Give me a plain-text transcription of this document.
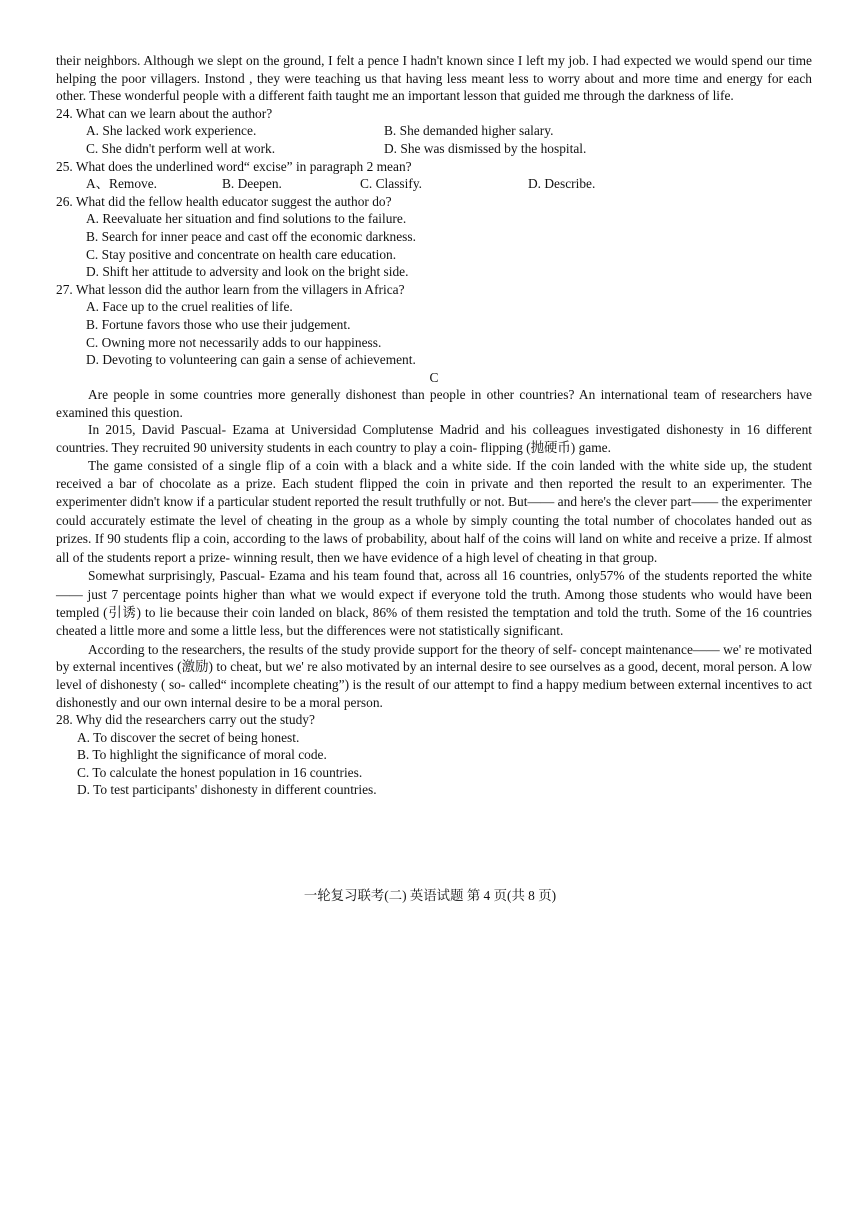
their neighbors. Although we slept on the ground, I felt a pence I hadn't known since I left my job. I had expected we would spend our time helping the poor villagers. Instond , they were teaching us that having less meant less to worry about and more time and energy for each other. These wonderful people with a different faith taught me an important lesson that guided me through the darkness of life.

24. What can we learn about the author?

A. She lacked work experience.	B. She demanded higher salary.
C. She didn't perform well at work.	D. She was dismissed by the hospital.

25. What does the underlined word“ excise” in paragraph 2 mean?

A、Remove.	B. Deepen.	C. Classify.	D. Describe.

26. What did the fellow health educator suggest the author do?

A. Reevaluate her situation and find solutions to the failure.

B. Search for inner peace and cast off the economic darkness.

C. Stay positive and concentrate on health care education.

D. Shift her attitude to adversity and look on the bright side.

27. What lesson did the author learn from the villagers in Africa?

A. Face up to the cruel realities of life.

B. Fortune favors those who use their judgement.

C. Owning more not necessarily adds to our happiness.

D. Devoting to volunteering can gain a sense of achievement.

C

Are people in some countries more generally dishonest than people in other countries? An international team of researchers have examined this question.

In 2015, David Pascual- Ezama at Universidad Complutense Madrid and his colleagues investigated dishonesty in 16 different countries. They recruited 90 university students in each country to play a coin- flipping (抛硬币) game.

The game consisted of a single flip of a coin with a black and a white side. If the coin landed with the white side up, the student received a bar of chocolate as a prize. Each student flipped the coin in private and then reported the result to an experimenter. The experimenter didn't know if a particular student reported the result truthfully or not. But—— and here's the clever part—— the experimenter could accurately estimate the level of cheating in the group as a whole by simply counting the total number of chocolates handed out as prizes. If 90 students flip a coin, according to the laws of probability, about half of the coins will land on white and receive a prize. If almost all of the students report a prize- winning result, then we have evidence of a high level of cheating in that group.

Somewhat surprisingly, Pascual- Ezama and his team found that, across all 16 countries, only57% of the students reported the white—— just 7 percentage points higher than what we would expect if everyone told the truth. Among those students who would have been templed (引诱) to lie because their coin landed on black, 86% of them resisted the temptation and told the truth. Some of the 16 countries cheated a little more and some a little less, but the differences were not statistically significant.

According to the researchers, the results of the study provide support for the theory of self- concept maintenance—— we' re motivated by external incentives (激励) to cheat, but we' re also motivated by an internal desire to see ourselves as a good, decent, moral person. A low level of dishonesty ( so- called“ incomplete cheating”) is the result of our attempt to find a happy medium between external incentives to act dishonestly and our own internal desire to be a moral person.

28. Why did the researchers carry out the study?

A. To discover the secret of being honest.

B. To highlight the significance of moral code.

C. To calculate the honest population in 16 countries.

D. To test participants' dishonesty in different countries.

一轮复习联考(二) 英语试题 第 4 页(共 8 页)
